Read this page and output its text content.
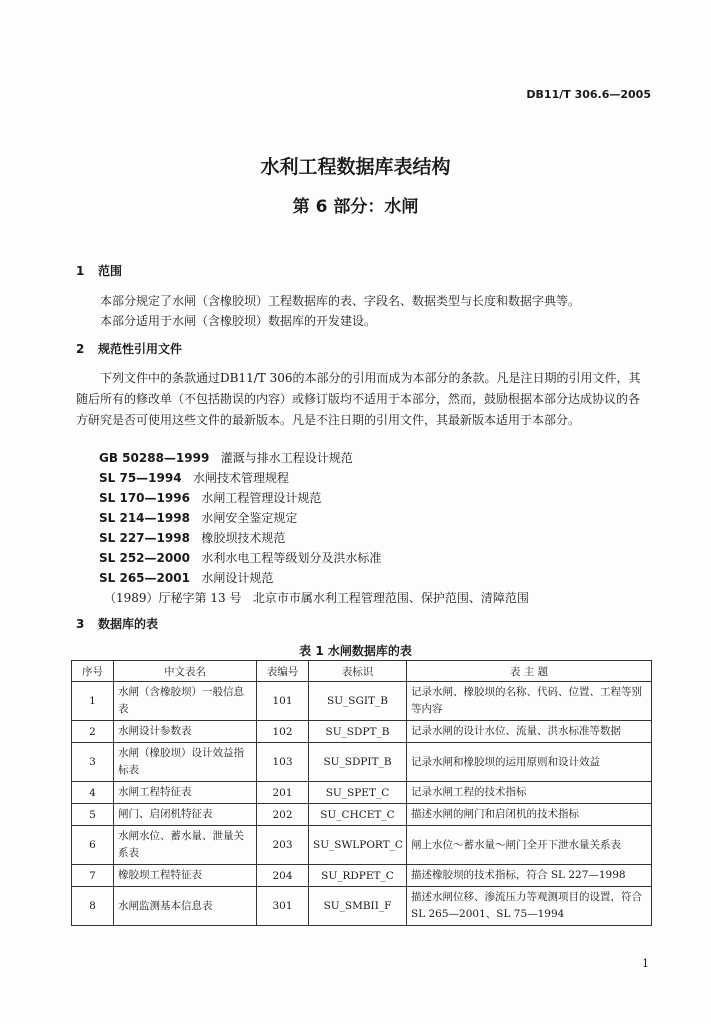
DB11/T 306.6—2005
水利工程数据库表结构
第 6 部分：水闸
1 范围
本部分规定了水闸（含橡胶坝）工程数据库的表、字段名、数据类型与长度和数据字典等。
本部分适用于水闸（含橡胶坝）数据库的开发建设。
2 规范性引用文件
下列文件中的条款通过DB11/T 306的本部分的引用而成为本部分的条款。凡是注日期的引用文件，其随后所有的修改单（不包括勘误的内容）或修订版均不适用于本部分，然而，鼓励根据本部分达成协议的各方研究是否可使用这些文件的最新版本。凡是不注日期的引用文件，其最新版本适用于本部分。
GB 50288—1999 灌溉与排水工程设计规范
SL 75—1994 水闸技术管理规程
SL 170—1996 水闸工程管理设计规范
SL 214—1998 水闸安全鉴定规定
SL 227—1998 橡胶坝技术规范
SL 252—2000 水利水电工程等级划分及洪水标准
SL 265—2001 水闸设计规范
（1989）厅秘字第 13 号 北京市市属水利工程管理范围、保护范围、清障范围
3 数据库的表
表 1 水闸数据库的表
序号	中文表名	表编号	表标识	表 主 题
1	水闸（含橡胶坝）一般信息表	101	SU_SGIT_B	记录水闸、橡胶坝的名称、代码、位置、工程等别等内容
2	水闸设计参数表	102	SU_SDPT_B	记录水闸的设计水位、流量、洪水标准等数据
3	水闸（橡胶坝）设计效益指标表	103	SU_SDPIT_B	记录水闸和橡胶坝的运用原则和设计效益
4	水闸工程特征表	201	SU_SPET_C	记录水闸工程的技术指标
5	闸门、启闭机特征表	202	SU_CHCET_C	描述水闸的闸门和启闭机的技术指标
6	水闸水位、蓄水量、泄量关系表	203	SU_SWLPORT_C	闸上水位～蓄水量～闸门全开下泄水量关系表
7	橡胶坝工程特征表	204	SU_RDPET_C	描述橡胶坝的技术指标，符合 SL 227—1998
8	水闸监测基本信息表	301	SU_SMBII_F	描述水闸位移、渗流压力等观测项目的设置，符合 SL 265—2001、SL 75—1994
1
